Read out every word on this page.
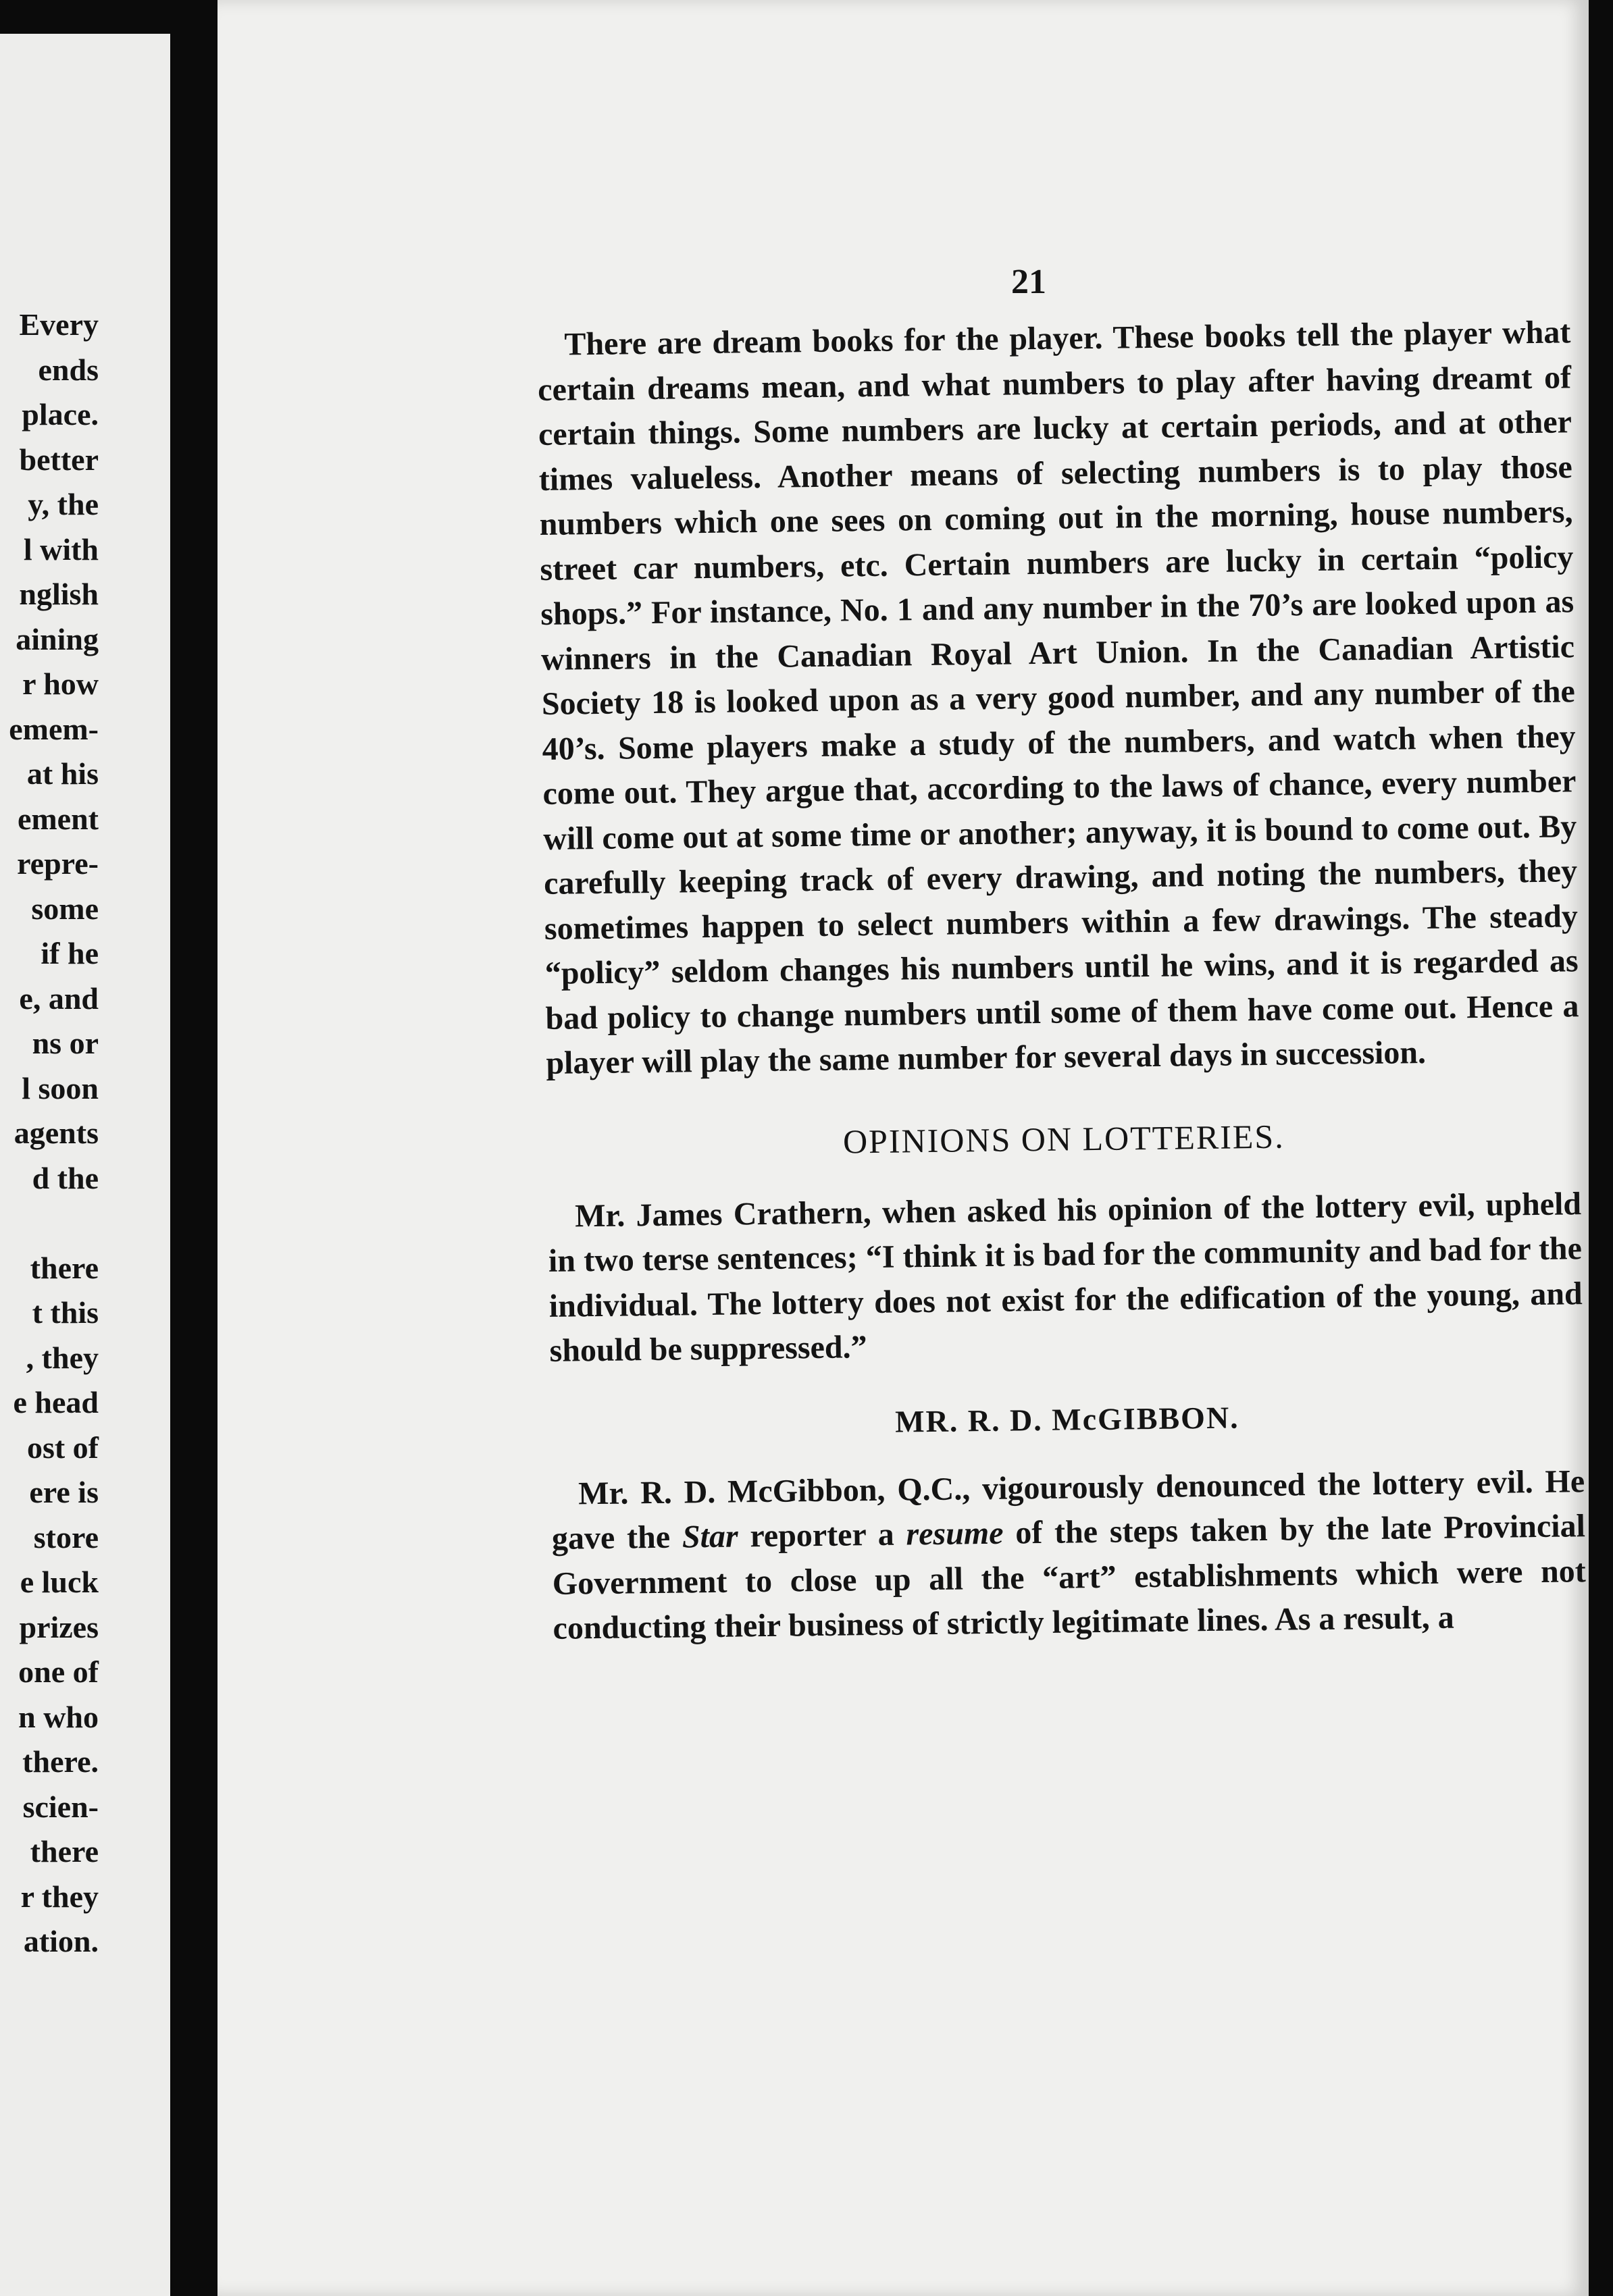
Every
ends
place.
better
y, the
l with
nglish
aining
r how
emem-
at his
ement
repre-
some
if he
e, and
ns or
l soon
agents
d the
there
t this
, they
e head
ost of
ere is
store
e luck
prizes
one of
n who
there.
scien-
there
r they
ation.
21

There are dream books for the player. These books tell the player what certain dreams mean, and what numbers to play after having dreamt of certain things. Some numbers are lucky at certain periods, and at other times valueless. Another means of selecting numbers is to play those numbers which one sees on coming out in the morning, house numbers, street car numbers, etc. Certain numbers are lucky in certain “policy shops.” For instance, No. 1 and any number in the 70’s are looked upon as winners in the Canadian Royal Art Union. In the Canadian Artistic Society 18 is looked upon as a very good number, and any number of the 40’s. Some players make a study of the numbers, and watch when they come out. They argue that, according to the laws of chance, every number will come out at some time or another; anyway, it is bound to come out. By carefully keeping track of every drawing, and noting the numbers, they sometimes happen to select numbers within a few drawings. The steady “policy” seldom changes his numbers until he wins, and it is regarded as bad policy to change numbers until some of them have come out. Hence a player will play the same number for several days in succession.

OPINIONS ON LOTTERIES.

Mr. James Crathern, when asked his opinion of the lottery evil, upheld in two terse sentences; “I think it is bad for the community and bad for the individual. The lottery does not exist for the edification of the young, and should be suppressed.”

MR. R. D. McGIBBON.

Mr. R. D. McGibbon, Q.C., vigourously denounced the lottery evil. He gave the Star reporter a resume of the steps taken by the late Provincial Government to close up all the “art” establishments which were not conducting their business of strictly legitimate lines. As a result, a
